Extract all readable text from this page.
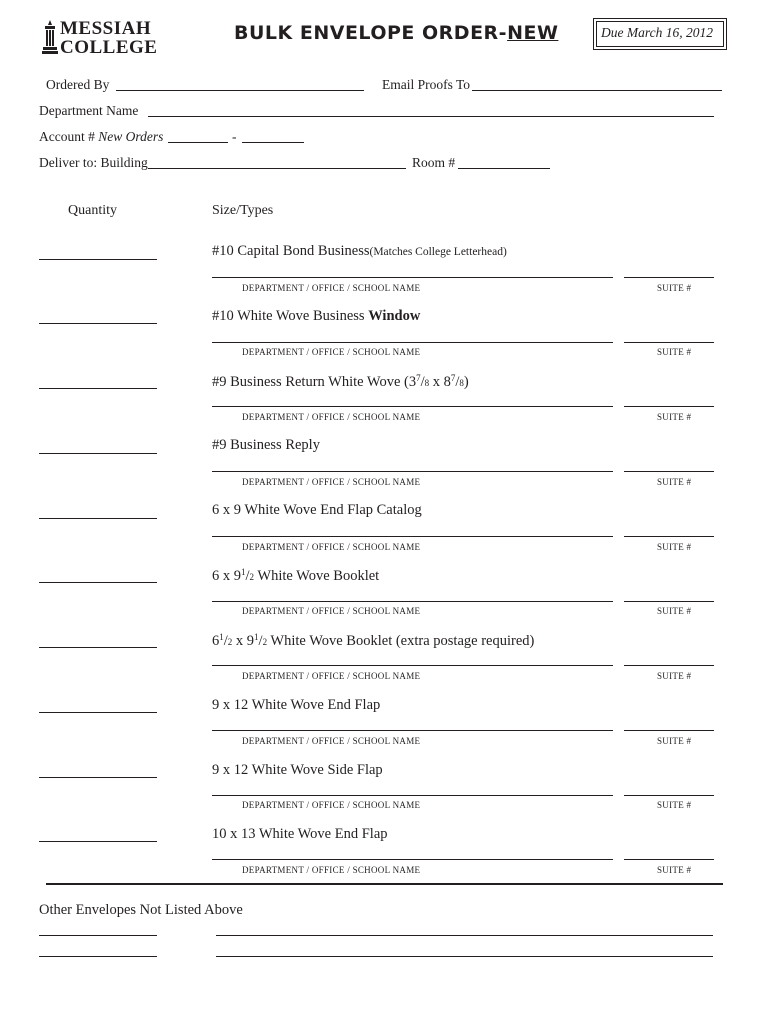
MESSIAH
COLLEGE
BULK ENVELOPE ORDER-NEW	Due March 16, 2012
Ordered By	Email Proofs To
Department Name
Account # New Orders	-
Deliver to: Building	Room #
Quantity	Size/Types
#10 Capital Bond Business(Matches College Letterhead)
DEPARTMENT / OFFICE / SCHOOL NAME	SUITE #
#10 White Wove Business Window
DEPARTMENT / OFFICE / SCHOOL NAME	SUITE #
#9 Business Return White Wove ($3^7/8$ x $8^7/8$)
DEPARTMENT / OFFICE / SCHOOL NAME	SUITE #
#9 Business Reply
DEPARTMENT / OFFICE / SCHOOL NAME	SUITE #
6 x 9 White Wove End Flap Catalog
DEPARTMENT / OFFICE / SCHOOL NAME	SUITE #
6 x $9^1/2$ White Wove Booklet
DEPARTMENT / OFFICE / SCHOOL NAME	SUITE #
$6^1/2$ x $9^1/2$ White Wove Booklet (extra postage required)
DEPARTMENT / OFFICE / SCHOOL NAME	SUITE #
9 x 12 White Wove End Flap
DEPARTMENT / OFFICE / SCHOOL NAME	SUITE #
9 x 12 White Wove Side Flap
DEPARTMENT / OFFICE / SCHOOL NAME	SUITE #
10 x 13 White Wove End Flap
DEPARTMENT / OFFICE / SCHOOL NAME	SUITE #
Other Envelopes Not Listed Above
